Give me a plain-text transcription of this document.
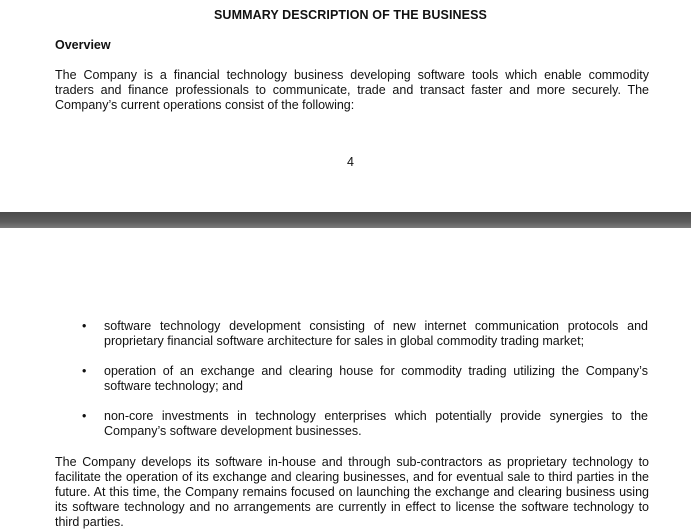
SUMMARY DESCRIPTION OF THE BUSINESS
Overview
The Company is a financial technology business developing software tools which enable commodity traders and finance professionals to communicate, trade and transact faster and more securely. The Company’s current operations consist of the following:
4
• software technology development consisting of new internet communication protocols and proprietary financial software architecture for sales in global commodity trading market;
• operation of an exchange and clearing house for commodity trading utilizing the Company’s software technology; and
• non-core investments in technology enterprises which potentially provide synergies to the Company’s software development businesses.
The Company develops its software in-house and through sub-contractors as proprietary technology to facilitate the operation of its exchange and clearing businesses, and for eventual sale to third parties in the future. At this time, the Company remains focused on launching the exchange and clearing business using its software technology and no arrangements are currently in effect to license the software technology to third parties.
